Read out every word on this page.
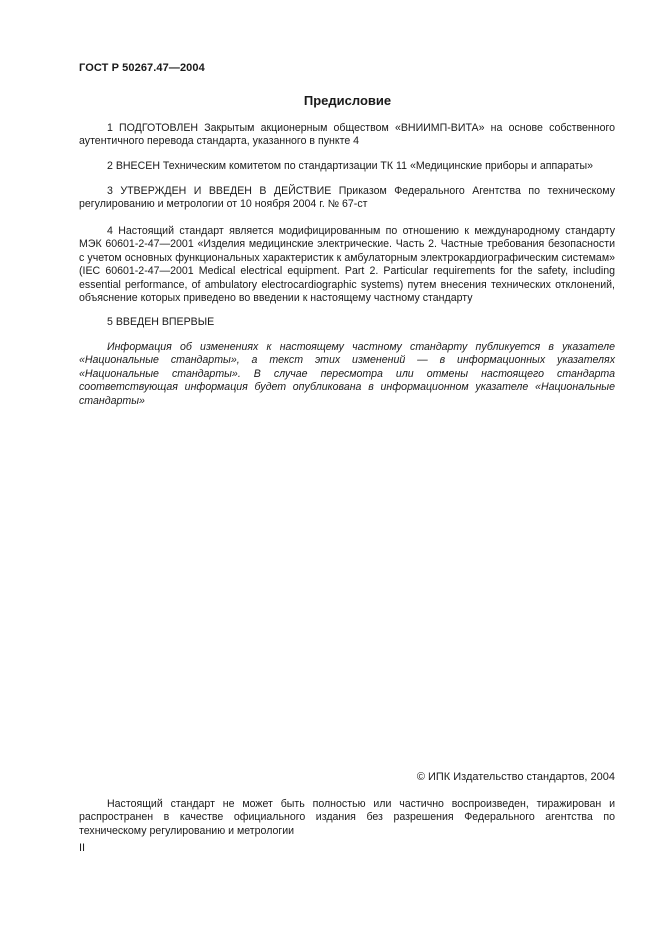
ГОСТ Р 50267.47—2004
Предисловие

1 ПОДГОТОВЛЕН Закрытым акционерным обществом «ВНИИМП-ВИТА» на основе собственного аутентичного перевода стандарта, указанного в пункте 4

2 ВНЕСЕН Техническим комитетом по стандартизации ТК 11 «Медицинские приборы и аппараты»

3 УТВЕРЖДЕН И ВВЕДЕН В ДЕЙСТВИЕ Приказом Федерального Агентства по техническому регулированию и метрологии от 10 ноября 2004 г. № 67-ст

4 Настоящий стандарт является модифицированным по отношению к международному стандарту МЭК 60601-2-47—2001 «Изделия медицинские электрические. Часть 2. Частные требования безопасности с учетом основных функциональных характеристик к амбулаторным электрокардиографическим системам» (IEC 60601-2-47—2001 Medical electrical equipment. Part 2. Particular requirements for the safety, including essential performance, of ambulatory electrocardiographic systems) путем внесения технических отклонений, объяснение которых приведено во введении к настоящему частному стандарту

5 ВВЕДЕН ВПЕРВЫЕ

Информация об изменениях к настоящему частному стандарту публикуется в указателе «Национальные стандарты», а текст этих изменений — в информационных указателях «Национальные стандарты». В случае пересмотра или отмены настоящего стандарта соответствующая информация будет опубликована в информационном указателе «Национальные стандарты»

© ИПК Издательство стандартов, 2004

Настоящий стандарт не может быть полностью или частично воспроизведен, тиражирован и распространен в качестве официального издания без разрешения Федерального агентства по техническому регулированию и метрологии

II
